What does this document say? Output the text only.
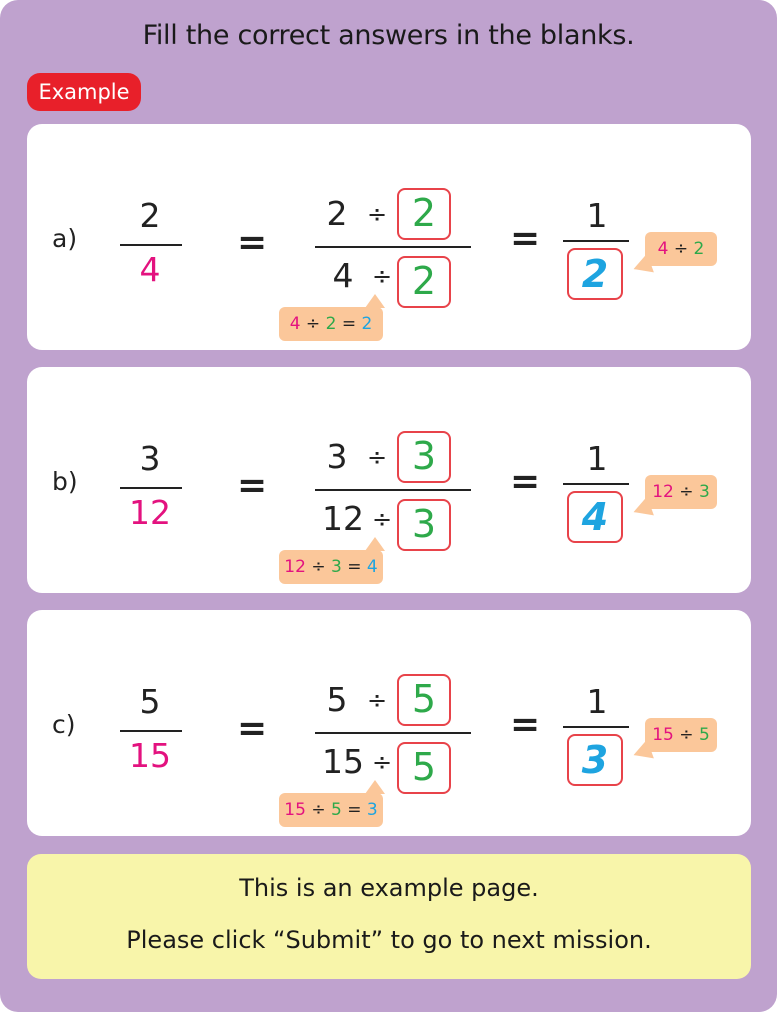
Fill the correct answers in the blanks.
Example
a)
2
4
=
2 ÷ 2
4 ÷ 2
4 ÷ 2 = 2
=
1
2
4 ÷ 2
b)
3
12
=
3 ÷ 3
12 ÷ 3
12 ÷ 3 = 4
=
1
4
12 ÷ 3
c)
5
15
=
5 ÷ 5
15 ÷ 5
15 ÷ 5 = 3
=
1
3
15 ÷ 5
This is an example page.
Please click “Submit” to go to next mission.
